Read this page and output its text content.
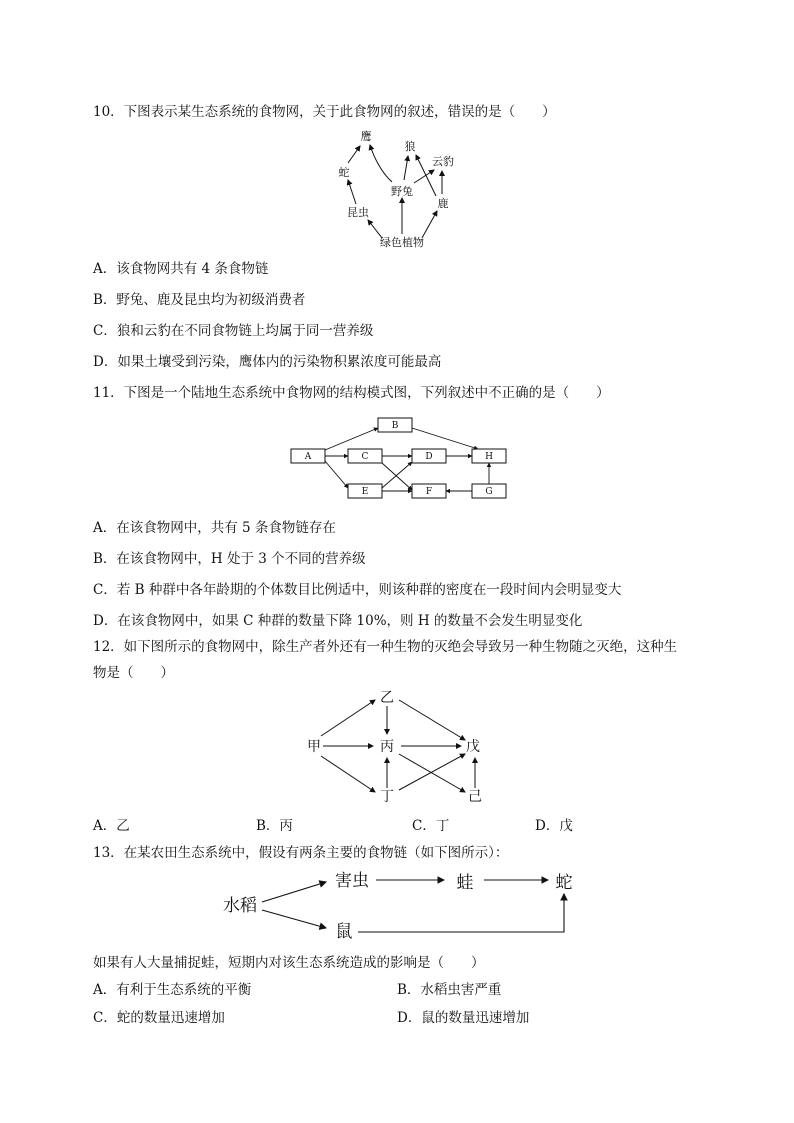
10．下图表示某生态系统的食物网，关于此食物网的叙述，错误的是（　　）
鹰
狼
云豹
蛇
野兔
鹿
昆虫
绿色植物
A．该食物网共有 4 条食物链
B．野兔、鹿及昆虫均为初级消费者
C．狼和云豹在不同食物链上均属于同一营养级
D．如果土壤受到污染，鹰体内的污染物积累浓度可能最高
11．下图是一个陆地生态系统中食物网的结构模式图，下列叙述中不正确的是（　　）
B
A	C	D	H
E	F	G
A．在该食物网中，共有 5 条食物链存在
B．在该食物网中，H 处于 3 个不同的营养级
C．若 B 种群中各年龄期的个体数目比例适中，则该种群的密度在一段时间内会明显变大
D．在该食物网中，如果 C 种群的数量下降 10%，则 H 的数量不会发生明显变化
12．如下图所示的食物网中，除生产者外还有一种生物的灭绝会导致另一种生物随之灭绝，这种生
物是（　　）
甲
乙
丙
丁
戊
己
A．乙	B．丙	C．丁	D．戊
13．在某农田生态系统中，假设有两条主要的食物链（如下图所示）：
水稻
害虫	蛙	蛇
鼠
如果有人大量捕捉蛙，短期内对该生态系统造成的影响是（　　）
A．有利于生态系统的平衡	B．水稻虫害严重
C．蛇的数量迅速增加	D．鼠的数量迅速增加
